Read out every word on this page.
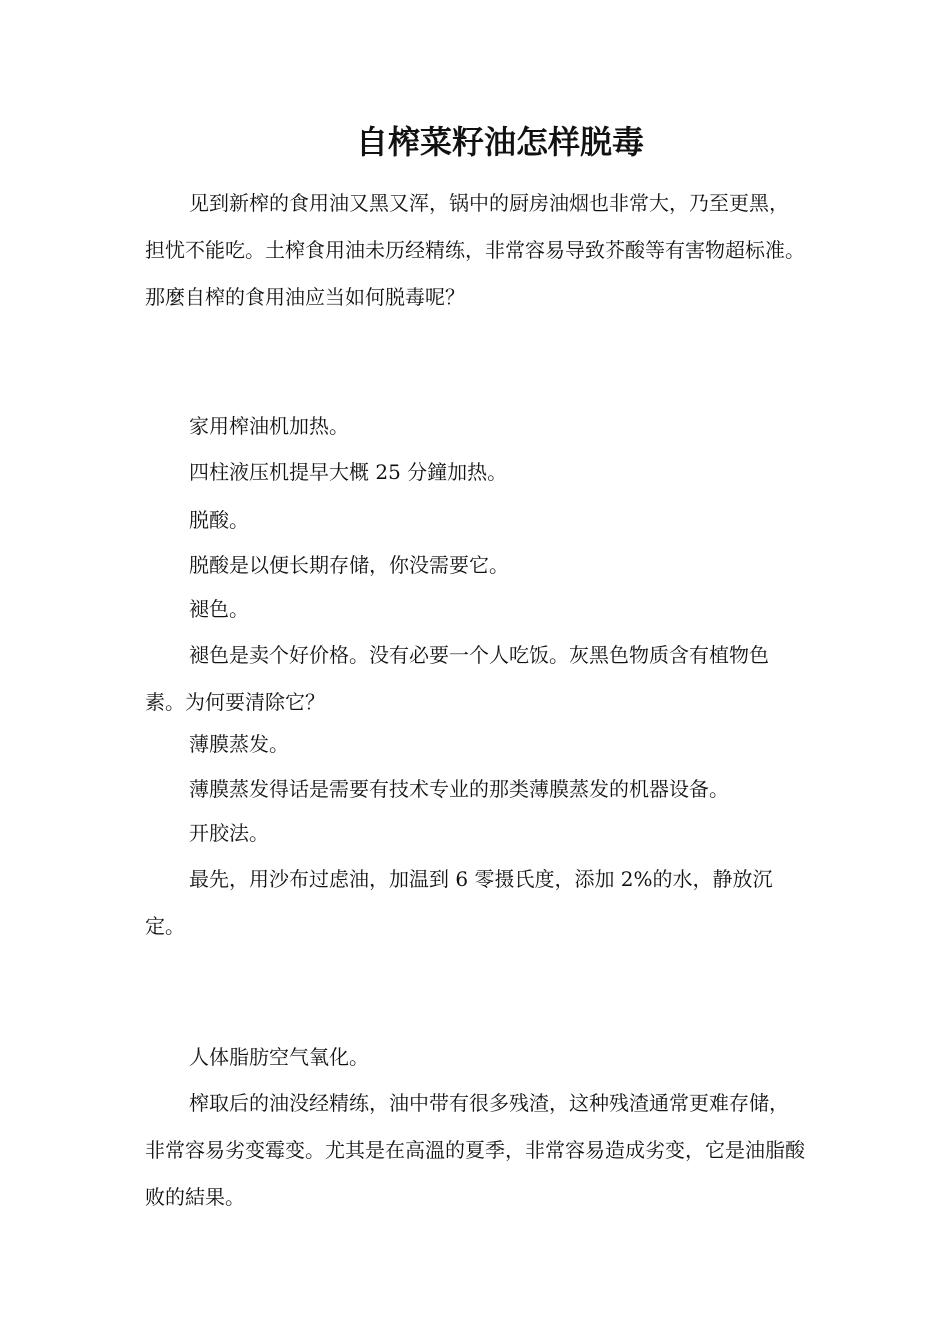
自榨菜籽油怎样脱毒

见到新榨的食用油又黑又浑，锅中的厨房油烟也非常大，乃至更黑，担忧不能吃。土榨食用油未历经精练，非常容易导致芥酸等有害物超标准。那麼自榨的食用油应当如何脱毒呢？

家用榨油机加热。

四柱液压机提早大概 25 分鐘加热。

脱酸。

脱酸是以便长期存储，你没需要它。

褪色。

褪色是卖个好价格。没有必要一个人吃饭。灰黑色物质含有植物色素。为何要清除它？

薄膜蒸发。

薄膜蒸发得话是需要有技术专业的那类薄膜蒸发的机器设备。

开胶法。

最先，用沙布过虑油，加温到 6 零摄氏度，添加 2%的水，静放沉定。

人体脂肪空气氧化。

榨取后的油没经精练，油中带有很多残渣，这种残渣通常更难存储，非常容易劣变霉变。尤其是在高溫的夏季，非常容易造成劣变，它是油脂酸败的結果。
